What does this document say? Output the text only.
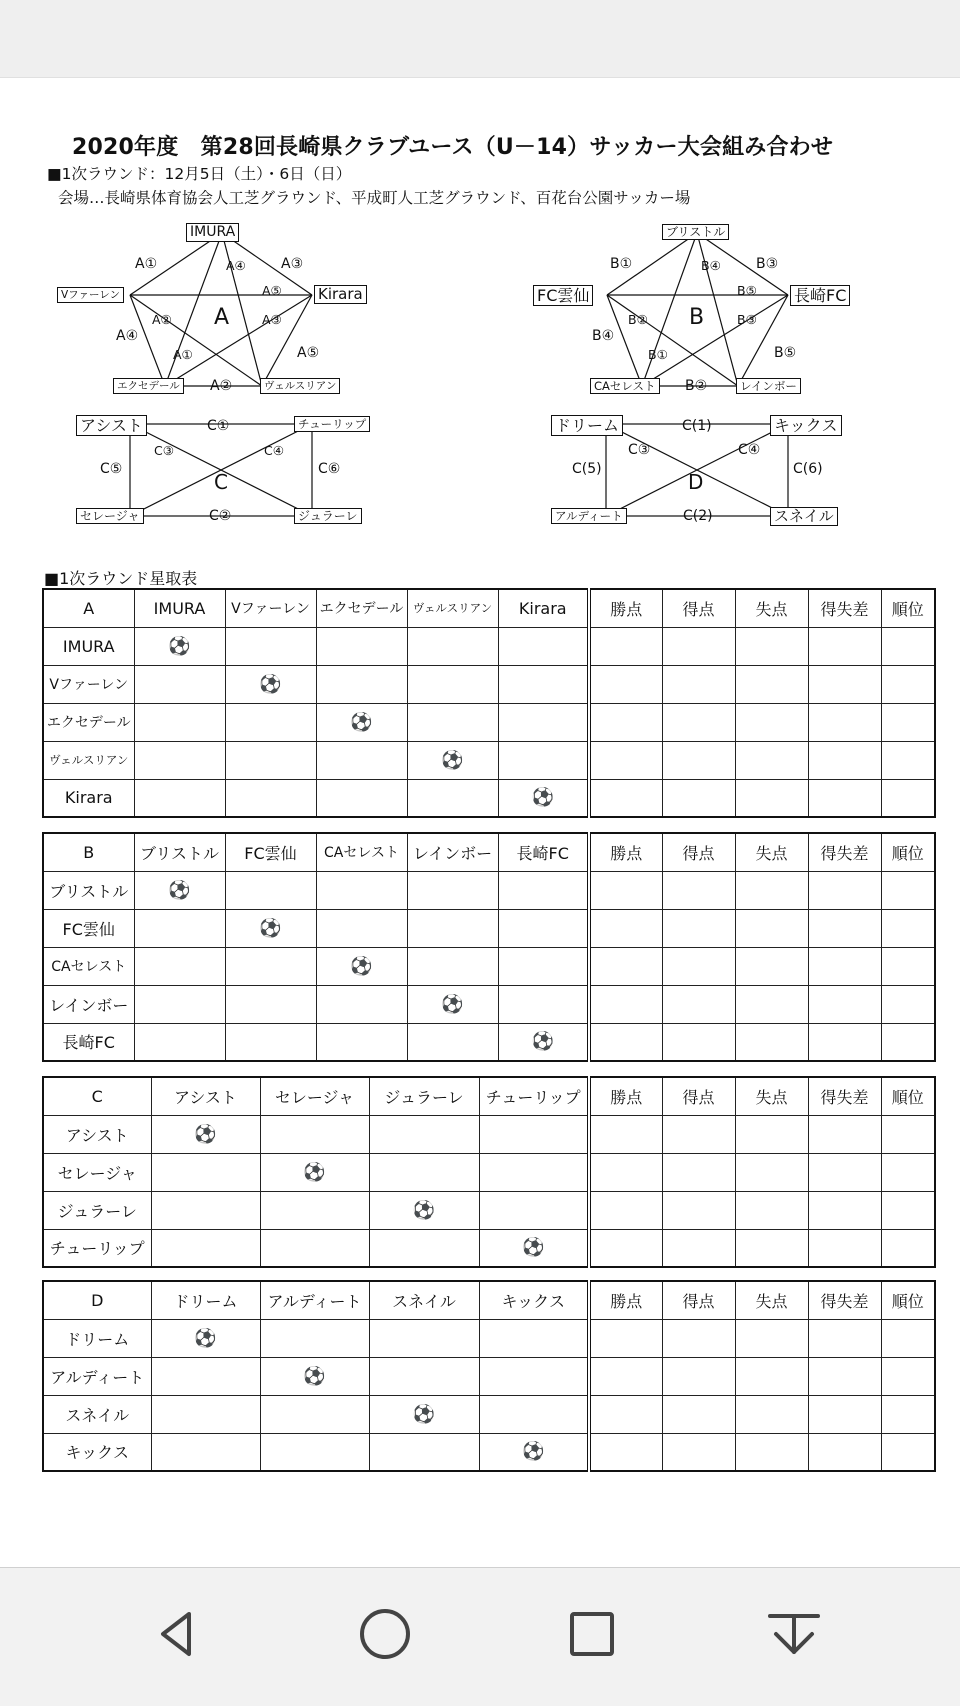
2020年度　第28回長崎県クラブユース（U－14）サッカー大会組み合わせ
■1次ラウンド：12月5日（土）・6日（日）
会場…長崎県体育協会人工芝グラウンド、平成町人工芝グラウンド、百花台公園サッカー場
IMURA
Vファーレン	Kirara
エクセデール	ヴェルスリアン
A①	A④	A③
A⑤
A②	A③
A④
A⑤
A①
A②
A
ブリストル
FC雲仙	長崎FC
CAセレスト	レインボー
B①	B④	B③
B⑤
B②	B③
B④
B⑤
B①
B②
B
アシスト	チューリップ
セレージャ	ジュラーレ
C①
C③	C④
C⑤	C⑥
C②
C
ドリーム	キックス
アルディート	スネイル
C(1)
C③	C④
C(5)	C(6)
C(2)
D
■1次ラウンド星取表
A	IMURA	Vファーレン	エクセデール	ヴェルスリアン	Kirara	勝点	得点	失点	得失差	順位
IMURA	⚽									
Vファーレン		⚽								
エクセデール			⚽							
ヴェルスリアン				⚽						
Kirara					⚽					
B	ブリストル	FC雲仙	CAセレスト	レインボー	長崎FC	勝点	得点	失点	得失差	順位
ブリストル	⚽									
FC雲仙		⚽								
CAセレスト			⚽							
レインボー				⚽						
長崎FC					⚽					
C	アシスト	セレージャ	ジュラーレ	チューリップ	勝点	得点	失点	得失差	順位
アシスト	⚽								
セレージャ		⚽							
ジュラーレ			⚽						
チューリップ				⚽					
D	ドリーム	アルディート	スネイル	キックス	勝点	得点	失点	得失差	順位
ドリーム	⚽								
アルディート		⚽							
スネイル			⚽						
キックス				⚽					
